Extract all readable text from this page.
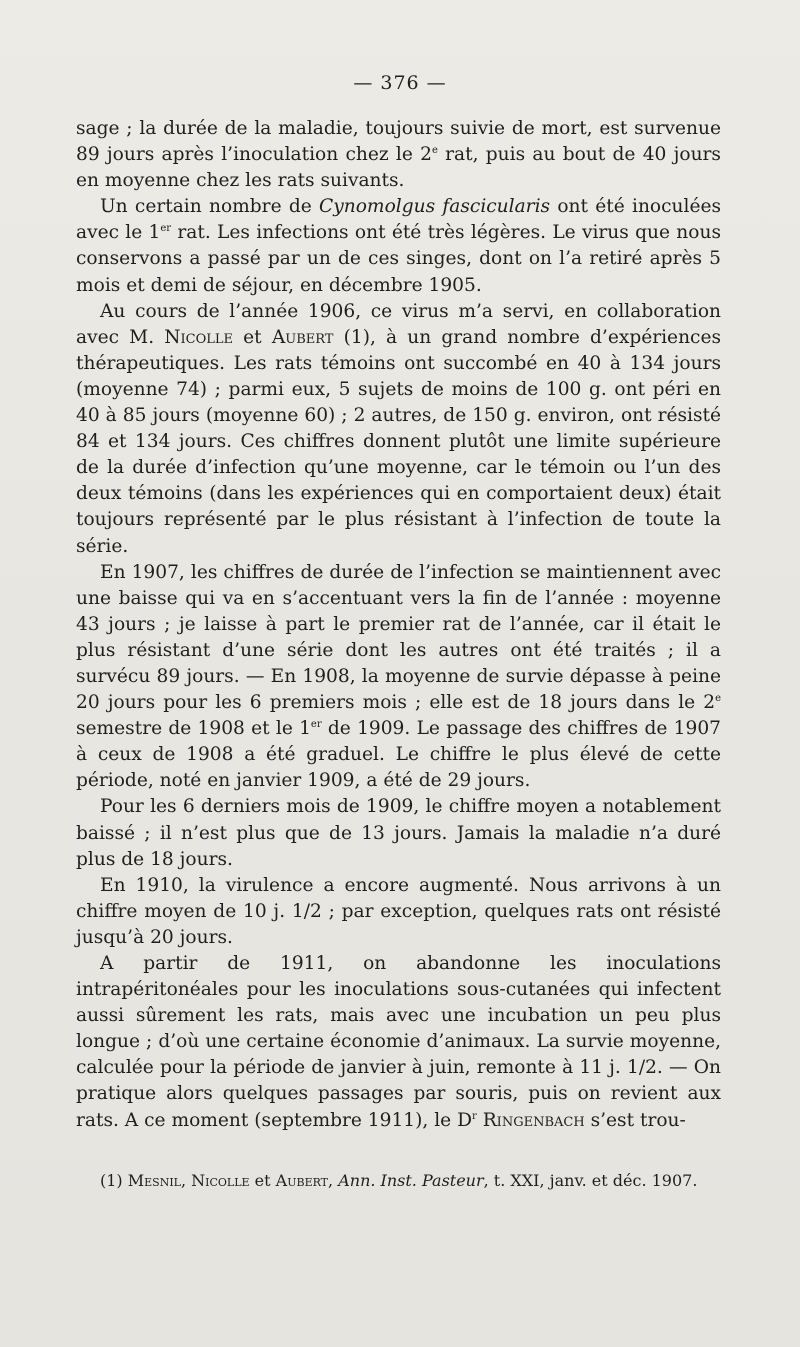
— 376 —

sage ; la durée de la maladie, toujours suivie de mort, est survenue 89 jours après l’inoculation chez le 2e rat, puis au bout de 40 jours en moyenne chez les rats suivants.

Un certain nombre de Cynomolgus fascicularis ont été inoculées avec le 1er rat. Les infections ont été très légères. Le virus que nous conservons a passé par un de ces singes, dont on l’a retiré après 5 mois et demi de séjour, en décembre 1905.

Au cours de l’année 1906, ce virus m’a servi, en collaboration avec M. Nicolle et Aubert (1), à un grand nombre d’expériences thérapeutiques. Les rats témoins ont succombé en 40 à 134 jours (moyenne 74) ; parmi eux, 5 sujets de moins de 100 g. ont péri en 40 à 85 jours (moyenne 60) ; 2 autres, de 150 g. environ, ont résisté 84 et 134 jours. Ces chiffres donnent plutôt une limite supérieure de la durée d’infection qu’une moyenne, car le témoin ou l’un des deux témoins (dans les expériences qui en comportaient deux) était toujours représenté par le plus résistant à l’infection de toute la série.

En 1907, les chiffres de durée de l’infection se maintiennent avec une baisse qui va en s’accentuant vers la fin de l’année : moyenne 43 jours ; je laisse à part le premier rat de l’année, car il était le plus résistant d’une série dont les autres ont été traités ; il a survécu 89 jours. — En 1908, la moyenne de survie dépasse à peine 20 jours pour les 6 premiers mois ; elle est de 18 jours dans le 2e semestre de 1908 et le 1er de 1909. Le passage des chiffres de 1907 à ceux de 1908 a été graduel. Le chiffre le plus élevé de cette période, noté en janvier 1909, a été de 29 jours.

Pour les 6 derniers mois de 1909, le chiffre moyen a notablement baissé ; il n’est plus que de 13 jours. Jamais la maladie n’a duré plus de 18 jours.

En 1910, la virulence a encore augmenté. Nous arrivons à un chiffre moyen de 10 j. 1/2 ; par exception, quelques rats ont résisté jusqu’à 20 jours.

A partir de 1911, on abandonne les inoculations intrapéritonéales pour les inoculations sous-cutanées qui infectent aussi sûrement les rats, mais avec une incubation un peu plus longue ; d’où une certaine économie d’animaux. La survie moyenne, calculée pour la période de janvier à juin, remonte à 11 j. 1/2. — On pratique alors quelques passages par souris, puis on revient aux rats. A ce moment (septembre 1911), le $D^r$ Ringenbach s’est trou-

(1) Mesnil, Nicolle et Aubert, Ann. Inst. Pasteur, t. XXI, janv. et déc. 1907.
